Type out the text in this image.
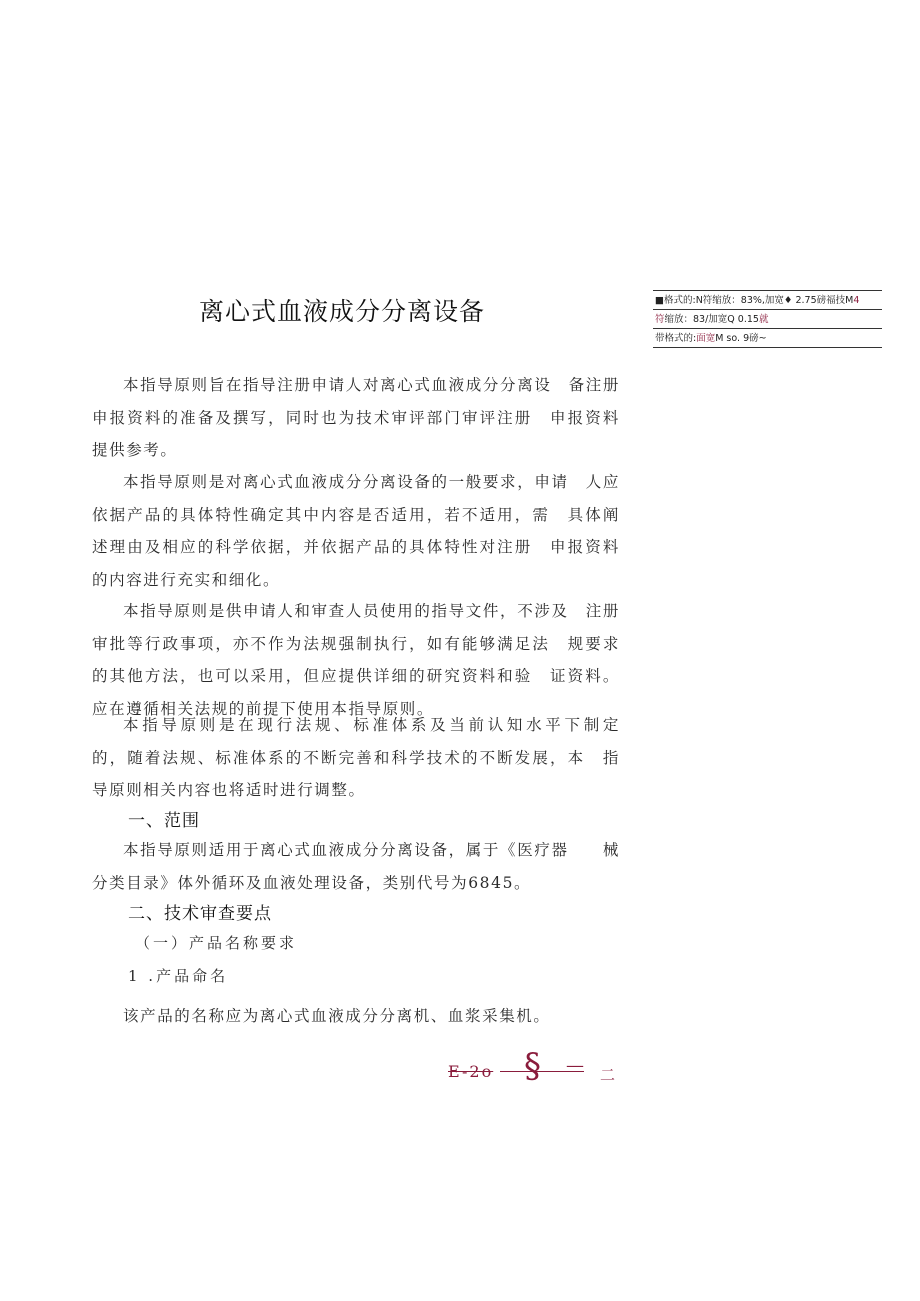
离心式血液成分分离设备	■格式的:N符缩放：83%,加宽♦ 2.75磅福技M4
符缩放：83/加宽Q 0.15就
带格式的:面宽M so. 9磅~

本指导原则旨在指导注册申请人对离心式血液成分分离设　备注册申报资料的准备及撰写，同时也为技术审评部门审评注册　申报资料提供参考。

本指导原则是对离心式血液成分分离设备的一般要求，申请　人应依据产品的具体特性确定其中内容是否适用，若不适用，需　具体阐述理由及相应的科学依据，并依据产品的具体特性对注册　申报资料的内容进行充实和细化。

本指导原则是供申请人和审查人员使用的指导文件，不涉及　注册审批等行政事项，亦不作为法规强制执行，如有能够满足法　规要求的其他方法，也可以采用，但应提供详细的研究资料和验　证资料。应在遵循相关法规的前提下使用本指导原则。

本指导原则是在现行法规、标准体系及当前认知水平下制定　　的，随着法规、标准体系的不断完善和科学技术的不断发展，本　指导原则相关内容也将适时进行调整。

一、范围

本指导原则适用于离心式血液成分分离设备，属于《医疗器　　械分类目录》体外循环及血液处理设备，类别代号为6845。

二、技术审查要点
（一）产品名称要求
1 .产品命名

该产品的名称应为离心式血液成分分离机、血浆采集机。

E-2o § — 二
